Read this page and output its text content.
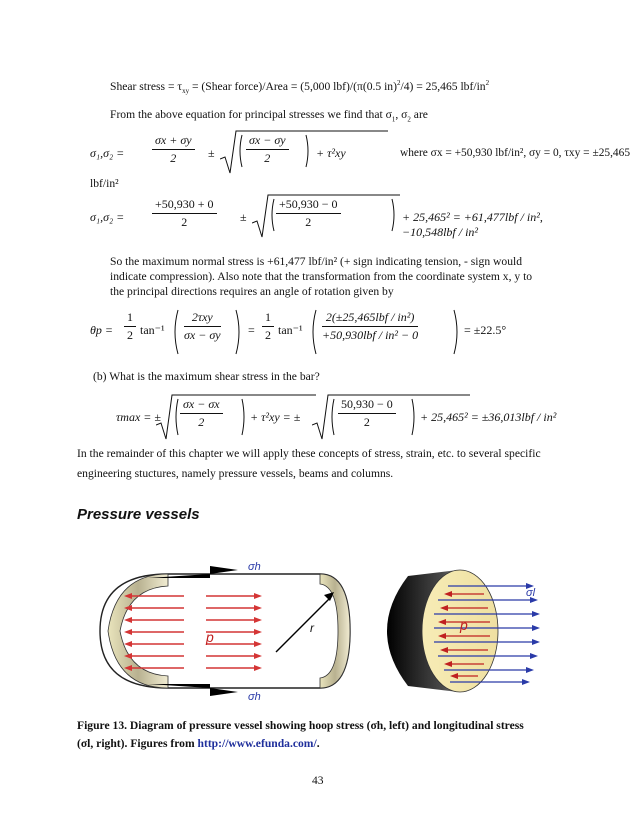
Shear stress = $\tau_{xy}$ = (Shear force)/Area = (5,000 lbf)/(π(0.5 in)$^2$/4) = 25,465 lbf/$in^2$
From the above equation for principal stresses we find that $\sigma_1$, $\sigma_2$ are
$\sigma_1,\sigma_2 = \frac{\sigma x + \sigma y}{2}$ ±	$\frac{\sigma x - \sigma y}{2} + \tau^2xy$	where σx = +50,930 lbf/in², σy = 0, τxy = ±25,465
lbf/in²
$\sigma_1,\sigma_2 = \frac{+50,930 + 0}{2} \pm \frac{+50,930 - 0}{2}$	+ 25,465² = +61,477lbf / in², −10,548lbf / in²
So the maximum normal stress is +61,477 lbf/in² (+ sign indicating tension, - sign would
indicate compression). Also note that the transformation from the coordinate system x, y to
the principal directions requires an angle of rotation given by
$\theta p = \frac{1}{2} \tan^{-1}$
2τxy
$\sigma x - \sigma y = \frac{1}{2} \tan^{-1}$
2(±25,465lbf / in²)
+50,930lbf / in² − 0	= ±22.5°
(b) What is the maximum shear stress in the bar?
τmax = ± $\frac{\sigma x - \sigma x}{2} + \tau^2xy$ = ±	$\frac{50,930 - 0}{2} + 25,465^2 = \pm 36,013lbf / in^2$
In the remainder of this chapter we will apply these concepts of stress, strain, etc. to several specific
engineering stuctures, namely pressure vessels, beams and columns.
Pressure vessels
σh
σh
p
r	p
σl
Figure 13. Diagram of pressure vessel showing hoop stress (σh, left) and longitudinal stress
(σl, right). Figures from http://www.efunda.com/.
43
